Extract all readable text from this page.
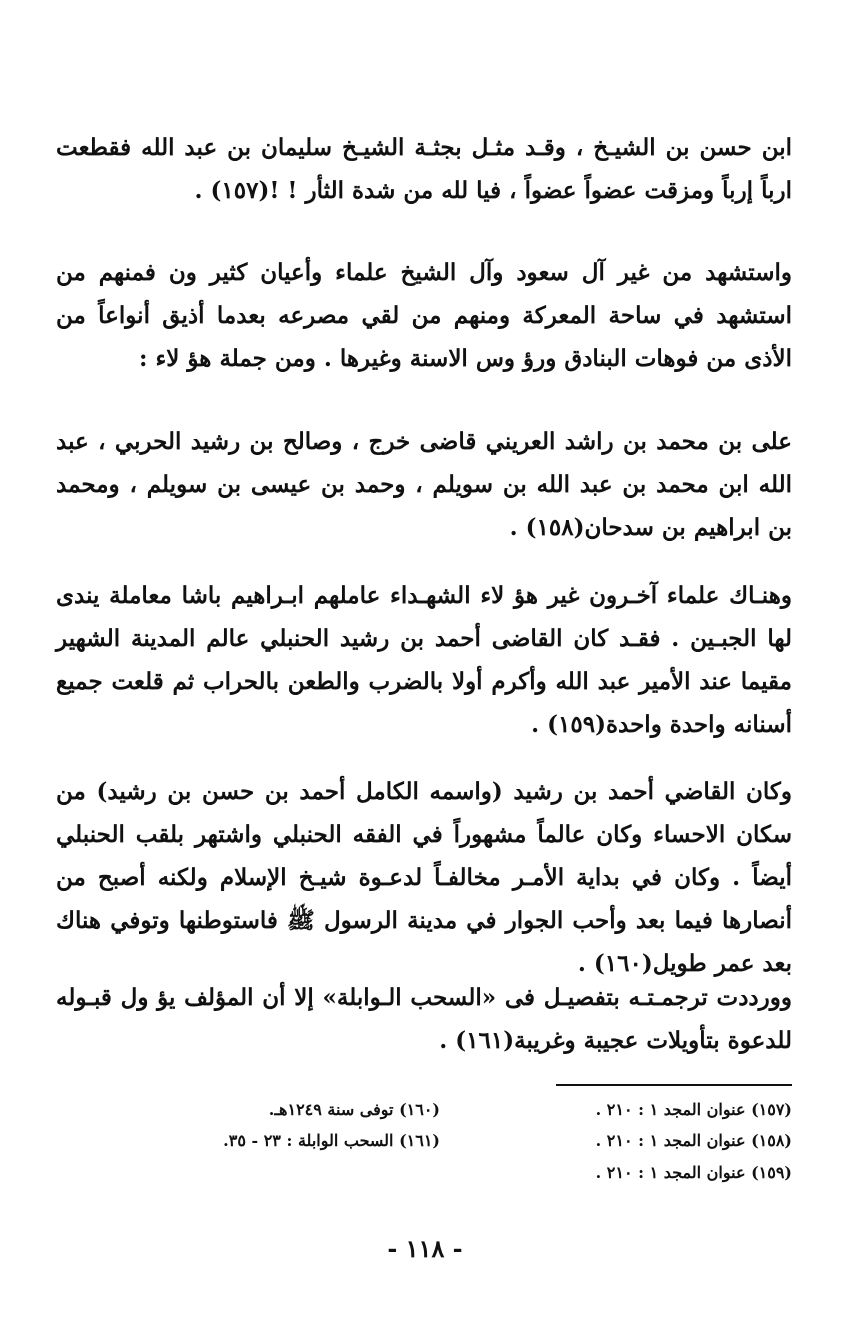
ابن حسن بن الشيـخ ، وقـد مثـل بجثـة الشيـخ سليمان بن عبد الله فقطعت ارباً إرباً ومزقت عضواً عضواً ، فيا لله من شدة الثأر ! !(١٥٧) .

واستشهد من غير آل سعود وآل الشيخ علماء وأعيان كثير ون فمنهم من استشهد في ساحة المعركة ومنهم من لقي مصرعه بعدما أذيق أنواعاً من الأذى من فوهات البنادق ورؤ وس الاسنة وغيرها . ومن جملة هؤ لاء :

على بن محمد بن راشد العريني قاضى خرج ، وصالح بن رشيد الحربي ، عبد الله ابن محمد بن عبد الله بن سويلم ، وحمد بن عيسى بن سويلم ، ومحمد بن ابراهيم بن سدحان(١٥٨) .

وهنـاك علماء آخـرون غير هؤ لاء الشهـداء عاملهم ابـراهيم باشا معاملة يندى لها الجبـين . فقـد كان القاضى أحمد بن رشيد الحنبلي عالم المدينة الشهير مقيما عند الأمير عبد الله وأكرم أولا بالضرب والطعن بالحراب ثم قلعت جميع أسنانه واحدة واحدة(١٥٩) .

وكان القاضي أحمد بن رشيد (واسمه الكامل أحمد بن حسن بن رشيد) من سكان الاحساء وكان عالماً مشهوراً في الفقه الحنبلي واشتهر بلقب الحنبلي أيضاً . وكان في بداية الأمـر مخالفـاً لدعـوة شيـخ الإسلام ولكنه أصبح من أنصارها فيما بعد وأحب الجوار في مدينة الرسول ﷺ فاستوطنها وتوفي هناك بعد عمر طويل(١٦٠) .

وورددت ترجمـتـه بتفصيـل فى «السحب الـوابلة» إلا أن المؤلف يؤ ول قبـوله للدعوة بتأويلات عجيبة وغريبة(١٦١) .

(١٥٧) عنوان المجد ١ : ٢١٠ .
(١٥٨) عنوان المجد ١ : ٢١٠ .
(١٥٩) عنوان المجد ١ : ٢١٠ .
(١٦٠) توفى سنة ١٢٤٩هـ.
(١٦١) السحب الوابلة : ٢٣ - ٣٥.
- ١١٨ -
